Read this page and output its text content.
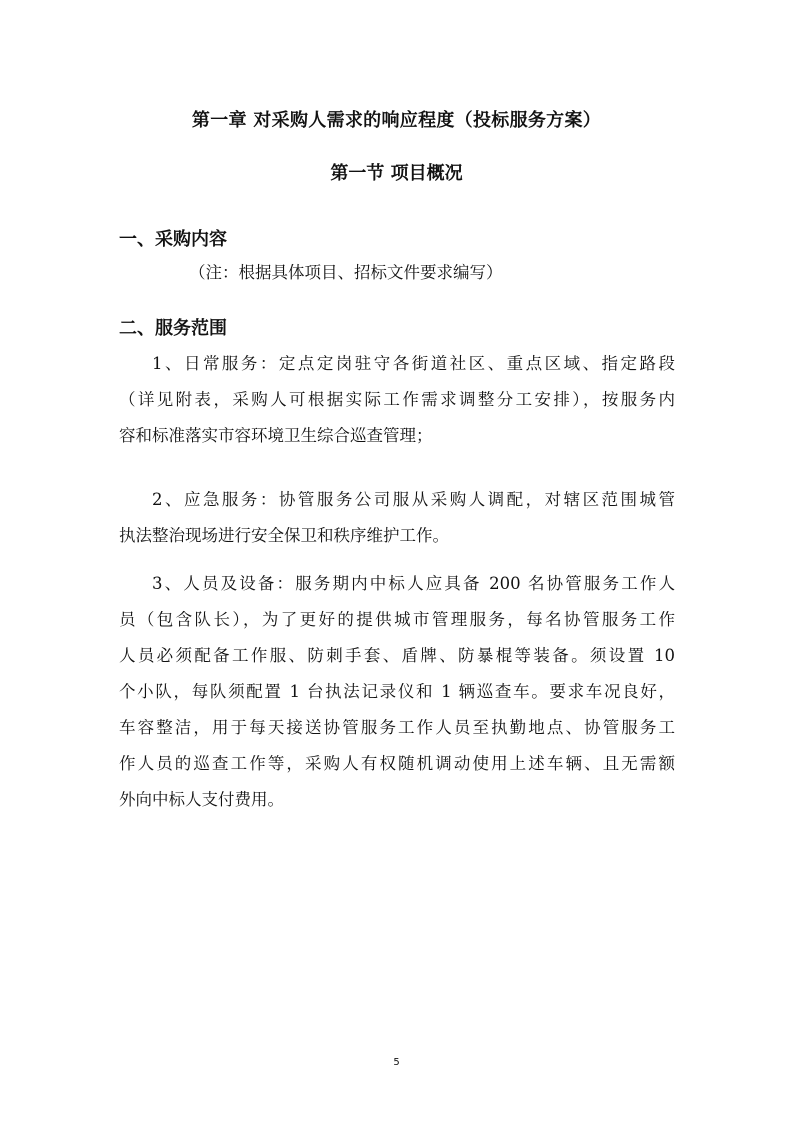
第一章 对采购人需求的响应程度（投标服务方案）
第一节 项目概况
一、采购内容
（注：根据具体项目、招标文件要求编写）
二、服务范围
1、日常服务：定点定岗驻守各街道社区、重点区域、指定路段
（详见附表，采购人可根据实际工作需求调整分工安排），按服务内
容和标准落实市容环境卫生综合巡查管理；
2、应急服务：协管服务公司服从采购人调配，对辖区范围城管
执法整治现场进行安全保卫和秩序维护工作。
3、人员及设备：服务期内中标人应具备 200 名协管服务工作人
员（包含队长），为了更好的提供城市管理服务，每名协管服务工作
人员必须配备工作服、防刺手套、盾牌、防暴棍等装备。须设置 10
个小队，每队须配置 1 台执法记录仪和 1 辆巡查车。要求车况良好，
车容整洁，用于每天接送协管服务工作人员至执勤地点、协管服务工
作人员的巡查工作等，采购人有权随机调动使用上述车辆、且无需额
外向中标人支付费用。
5
